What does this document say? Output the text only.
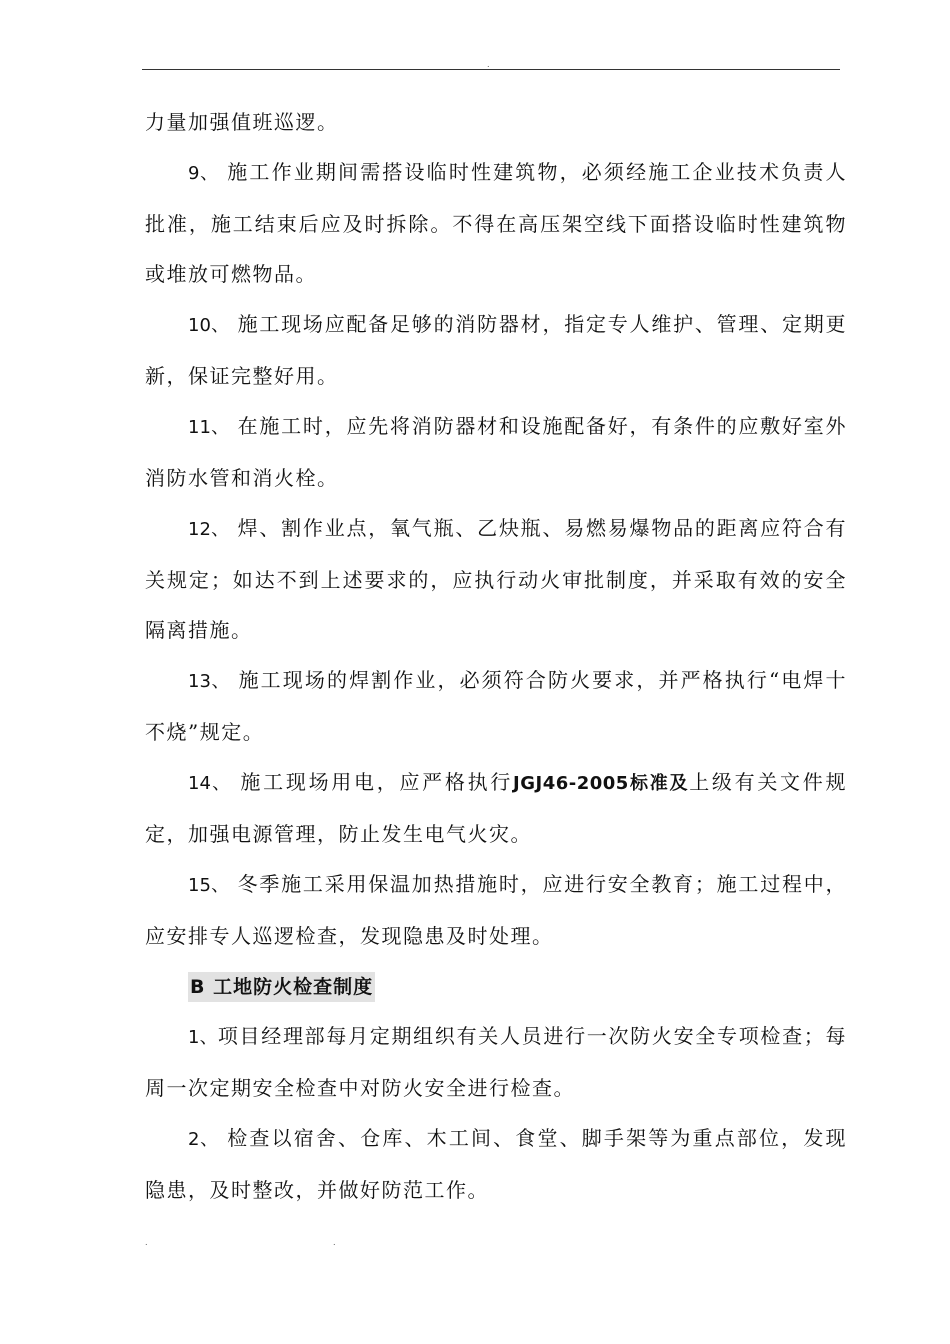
.

力量加强值班巡逻。

9、 施工作业期间需搭设临时性建筑物，必须经施工企业技术负责人批准，施工结束后应及时拆除。不得在高压架空线下面搭设临时性建筑物或堆放可燃物品。

10、 施工现场应配备足够的消防器材，指定专人维护、管理、定期更新，保证完整好用。

11、 在施工时，应先将消防器材和设施配备好，有条件的应敷好室外消防水管和消火栓。

12、 焊、割作业点，氧气瓶、乙炔瓶、易燃易爆物品的距离应符合有关规定；如达不到上述要求的，应执行动火审批制度，并采取有效的安全隔离措施。

13、 施工现场的焊割作业，必须符合防火要求，并严格执行“电焊十不烧”规定。

14、 施工现场用电，应严格执行JGJ46-2005标准及上级有关文件规定，加强电源管理，防止发生电气火灾。

15、 冬季施工采用保温加热措施时，应进行安全教育；施工过程中，应安排专人巡逻检查，发现隐患及时处理。

B 工地防火检查制度

1、项目经理部每月定期组织有关人员进行一次防火安全专项检查；每周一次定期安全检查中对防火安全进行检查。

2、 检查以宿舍、仓库、木工间、食堂、脚手架等为重点部位，发现隐患，及时整改，并做好防范工作。

.	.
